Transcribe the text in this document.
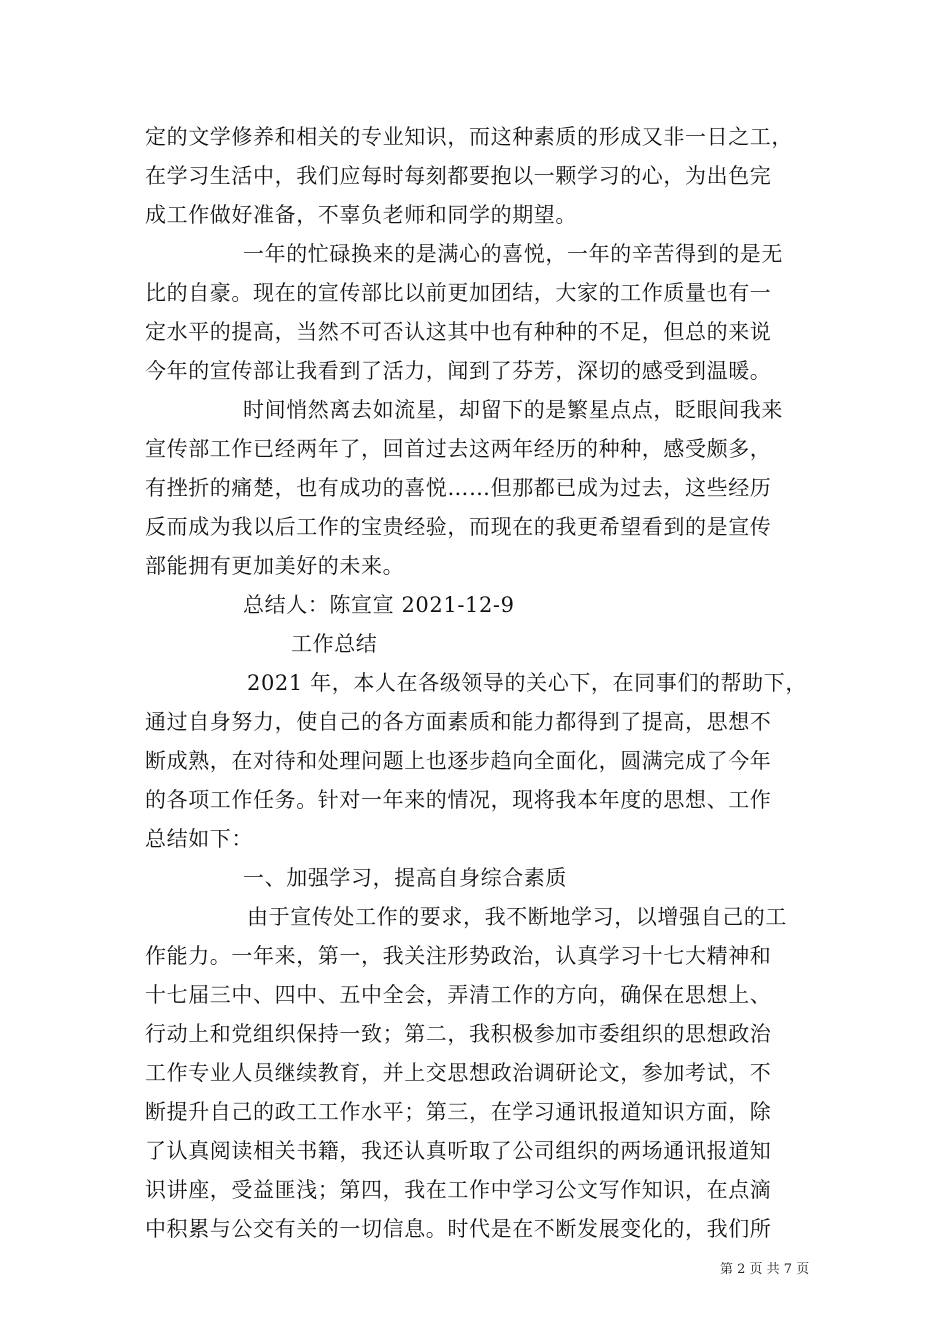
定的文学修养和相关的专业知识，而这种素质的形成又非一日之工，
在学习生活中，我们应每时每刻都要抱以一颗学习的心，为出色完
成工作做好准备，不辜负老师和同学的期望。
一年的忙碌换来的是满心的喜悦，一年的辛苦得到的是无
比的自豪。现在的宣传部比以前更加团结，大家的工作质量也有一
定水平的提高，当然不可否认这其中也有种种的不足，但总的来说
今年的宣传部让我看到了活力，闻到了芬芳，深切的感受到温暖。
时间悄然离去如流星，却留下的是繁星点点，眨眼间我来
宣传部工作已经两年了，回首过去这两年经历的种种，感受颇多，
有挫折的痛楚，也有成功的喜悦……但那都已成为过去，这些经历
反而成为我以后工作的宝贵经验，而现在的我更希望看到的是宣传
部能拥有更加美好的未来。
总结人：陈宣宣 2021-12-9
工作总结
2021 年，本人在各级领导的关心下，在同事们的帮助下，
通过自身努力，使自己的各方面素质和能力都得到了提高，思想不
断成熟，在对待和处理问题上也逐步趋向全面化，圆满完成了今年
的各项工作任务。针对一年来的情况，现将我本年度的思想、工作
总结如下：
一、加强学习，提高自身综合素质
由于宣传处工作的要求，我不断地学习，以增强自己的工
作能力。一年来，第一，我关注形势政治，认真学习十七大精神和
十七届三中、四中、五中全会，弄清工作的方向，确保在思想上、
行动上和党组织保持一致；第二，我积极参加市委组织的思想政治
工作专业人员继续教育，并上交思想政治调研论文，参加考试，不
断提升自己的政工工作水平；第三，在学习通讯报道知识方面，除
了认真阅读相关书籍，我还认真听取了公司组织的两场通讯报道知
识讲座，受益匪浅；第四，我在工作中学习公文写作知识，在点滴
中积累与公交有关的一切信息。时代是在不断发展变化的，我们所
第 2 页 共 7 页
